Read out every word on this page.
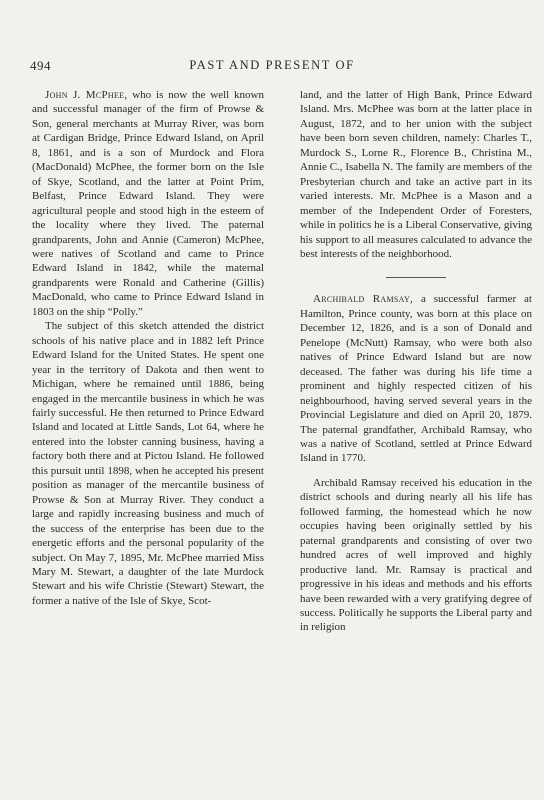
494	PAST AND PRESENT OF

John J. McPhee, who is now the well known and successful manager of the firm of Prowse & Son, general merchants at Murray River, was born at Cardigan Bridge, Prince Edward Island, on April 8, 1861, and is a son of Murdock and Flora (MacDonald) McPhee, the former born on the Isle of Skye, Scotland, and the latter at Point Prim, Belfast, Prince Edward Island. They were agricultural people and stood high in the esteem of the locality where they lived. The paternal grandparents, John and Annie (Cameron) McPhee, were natives of Scotland and came to Prince Edward Island in 1842, while the maternal grandparents were Ronald and Catherine (Gillis) MacDonald, who came to Prince Edward Island in 1803 on the ship “Polly.”

The subject of this sketch attended the district schools of his native place and in 1882 left Prince Edward Island for the United States. He spent one year in the territory of Dakota and then went to Michigan, where he remained until 1886, being engaged in the mercantile business in which he was fairly successful. He then returned to Prince Edward Island and located at Little Sands, Lot 64, where he entered into the lobster canning business, having a factory both there and at Pictou Island. He followed this pursuit until 1898, when he accepted his present position as manager of the mercantile business of Prowse & Son at Murray River. They conduct a large and rapidly increasing business and much of the success of the enterprise has been due to the energetic efforts and the personal popularity of the subject. On May 7, 1895, Mr. McPhee married Miss Mary M. Stewart, a daughter of the late Murdock Stewart and his wife Christie (Stewart) Stewart, the former a native of the Isle of Skye, Scot-

land, and the latter of High Bank, Prince Edward Island. Mrs. McPhee was born at the latter place in August, 1872, and to her union with the subject have been born seven children, namely: Charles T., Murdock S., Lorne R., Florence B., Christina M., Annie C., Isabella N. The family are members of the Presbyterian church and take an active part in its varied interests. Mr. McPhee is a Mason and a member of the Independent Order of Foresters, while in politics he is a Liberal Conservative, giving his support to all measures calculated to advance the best interests of the neighborhood.

Archibald Ramsay, a successful farmer at Hamilton, Prince county, was born at this place on December 12, 1826, and is a son of Donald and Penelope (McNutt) Ramsay, who were both also natives of Prince Edward Island but are now deceased. The father was during his life time a prominent and highly respected citizen of his neighbourhood, having served several years in the Provincial Legislature and died on April 20, 1879. The paternal grandfather, Archibald Ramsay, who was a native of Scotland, settled at Prince Edward Island in 1770.

Archibald Ramsay received his education in the district schools and during nearly all his life has followed farming, the homestead which he now occupies having been originally settled by his paternal grandparents and consisting of over two hundred acres of well improved and highly productive land. Mr. Ramsay is practical and progressive in his ideas and methods and his efforts have been rewarded with a very gratifying degree of success. Politically he supports the Liberal party and in religion
